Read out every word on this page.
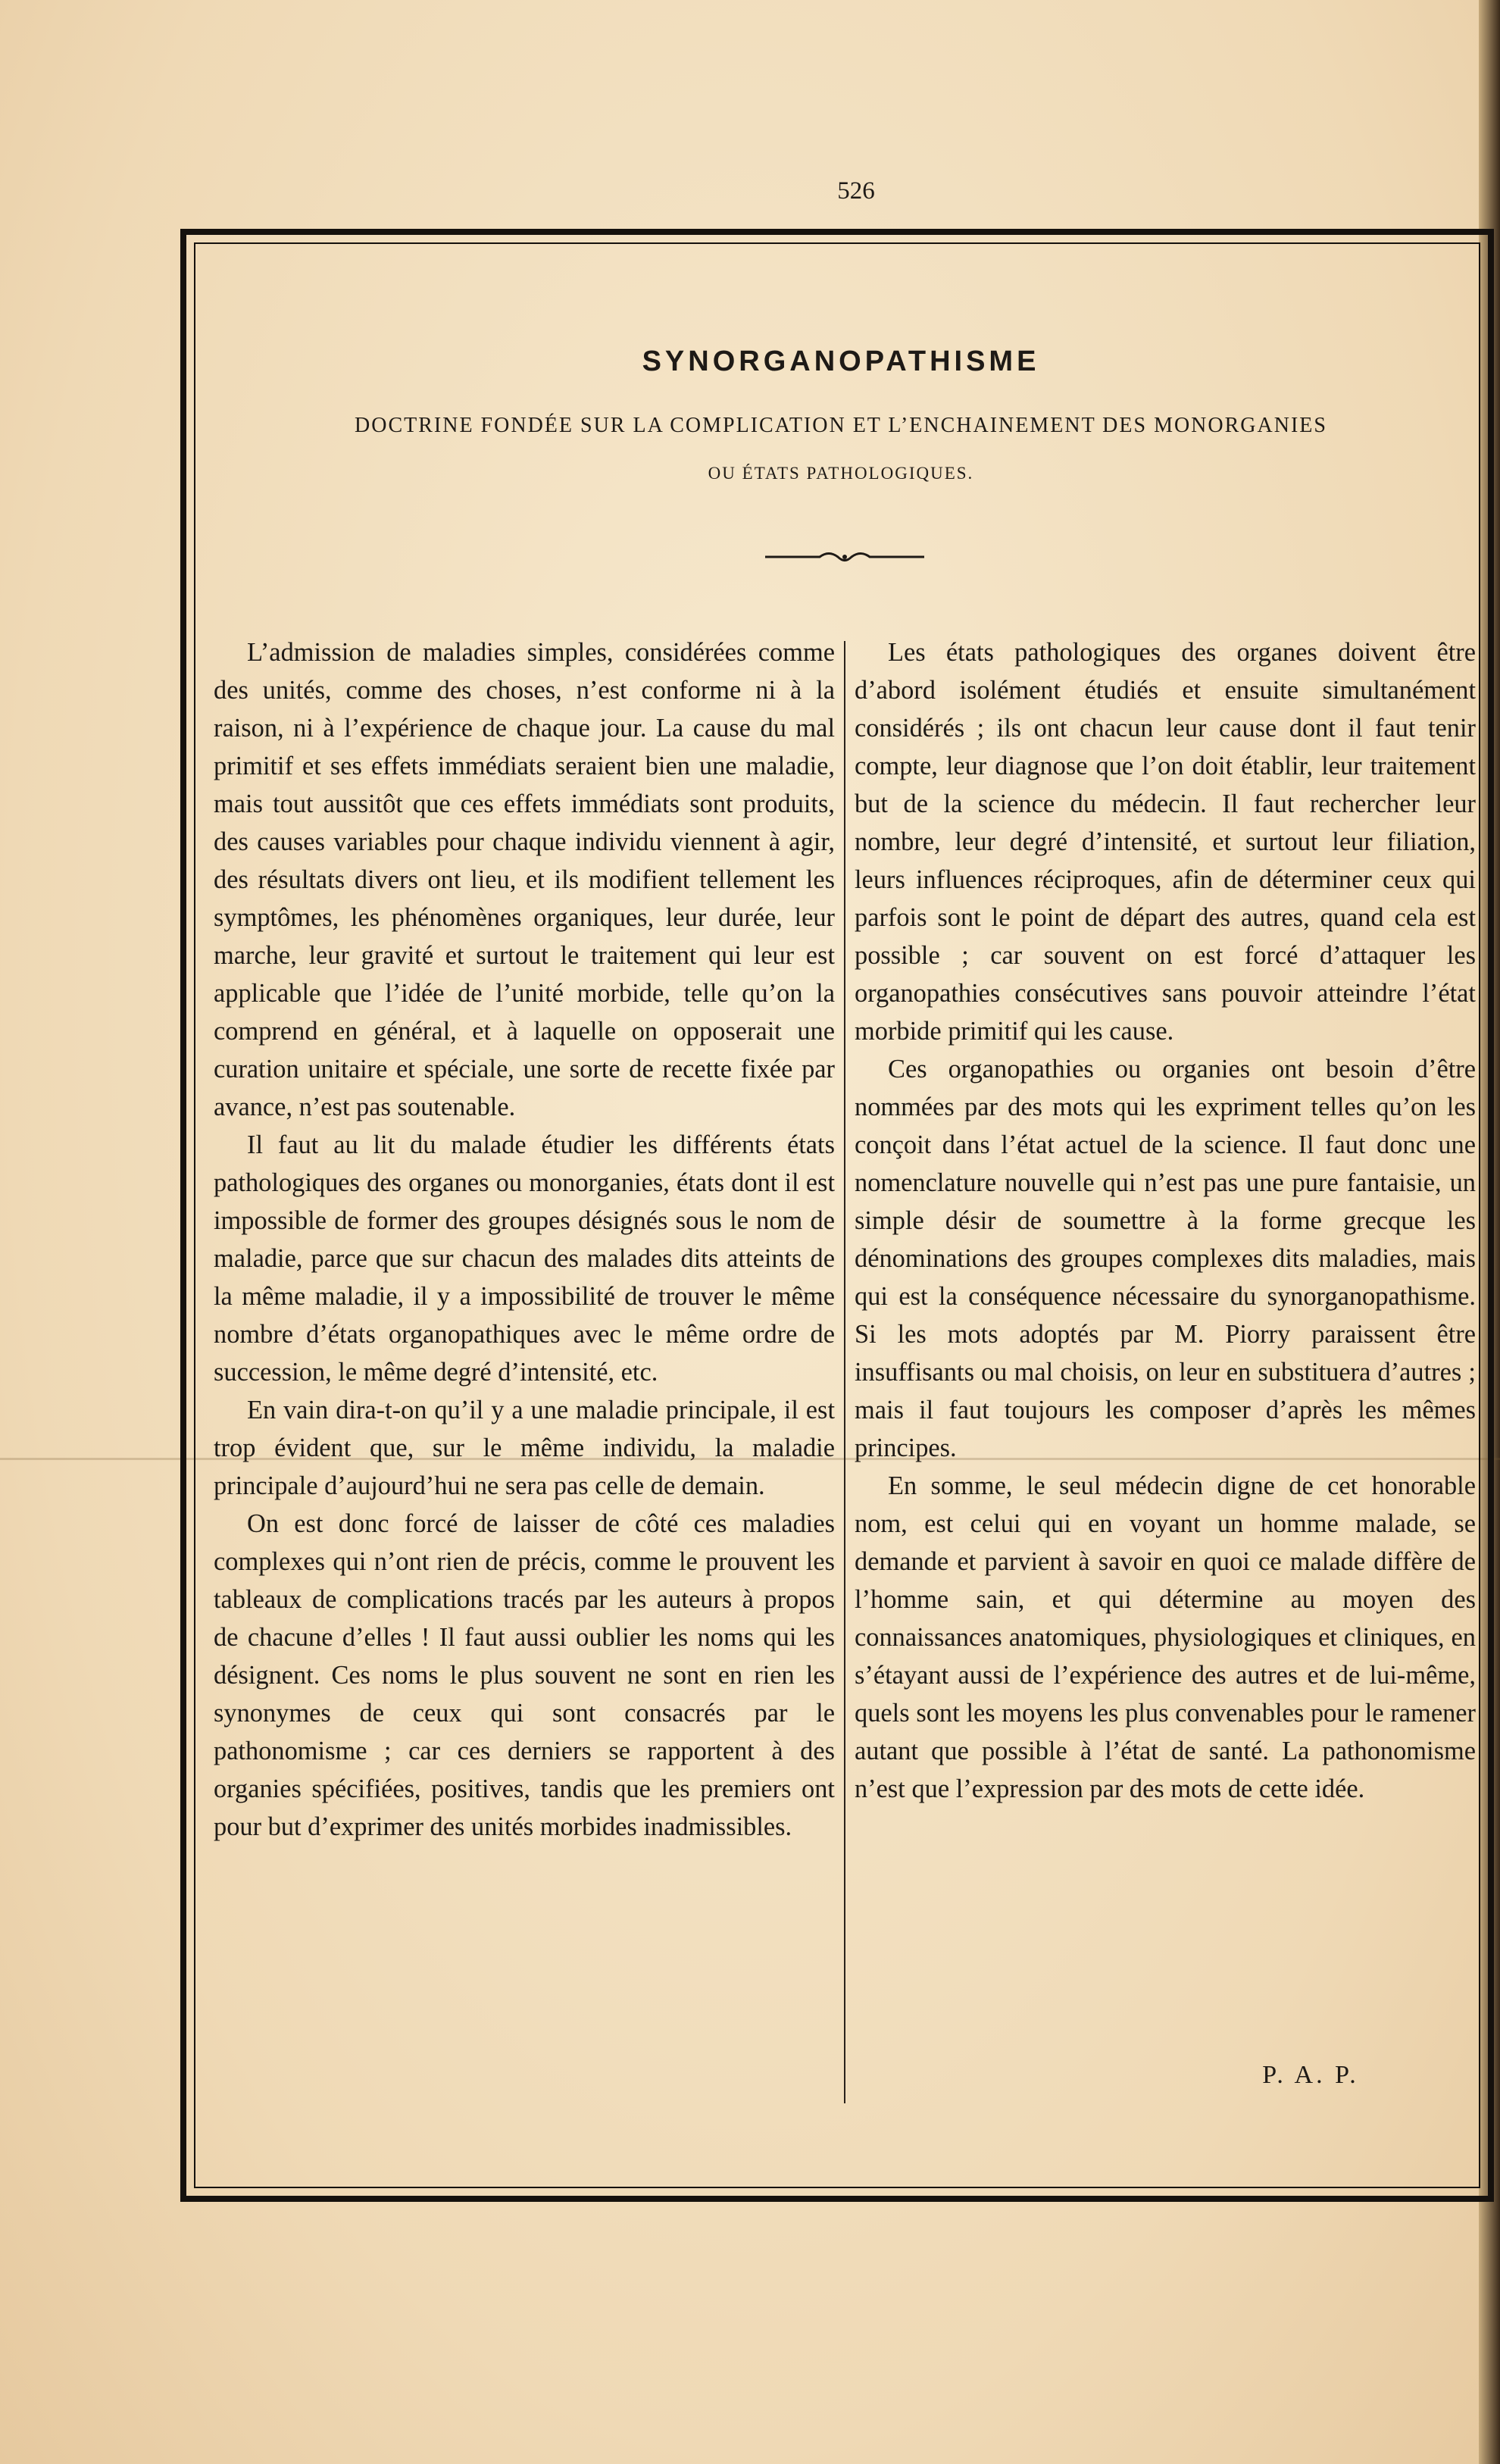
526
SYNORGANOPATHISME
DOCTRINE FONDÉE SUR LA COMPLICATION ET L’ENCHAINEMENT DES MONORGANIES
OU ÉTATS PATHOLOGIQUES.

L’admission de maladies simples, considérées comme des unités, comme des choses, n’est conforme ni à la raison, ni à l’expérience de chaque jour. La cause du mal primitif et ses effets immédiats seraient bien une maladie, mais tout aussitôt que ces effets immédiats sont produits, des causes variables pour chaque individu viennent à agir, des résultats divers ont lieu, et ils modifient tellement les symptômes, les phénomènes organiques, leur durée, leur marche, leur gravité et surtout le traitement qui leur est applicable que l’idée de l’unité morbide, telle qu’on la comprend en général, et à laquelle on opposerait une curation unitaire et spéciale, une sorte de recette fixée par avance, n’est pas soutenable.

Il faut au lit du malade étudier les différents états pathologiques des organes ou monorganies, états dont il est impossible de former des groupes désignés sous le nom de maladie, parce que sur chacun des malades dits atteints de la même maladie, il y a impossibilité de trouver le même nombre d’états organopathiques avec le même ordre de succession, le même degré d’intensité, etc.

En vain dira-t-on qu’il y a une maladie principale, il est trop évident que, sur le même individu, la maladie principale d’aujourd’hui ne sera pas celle de demain.

On est donc forcé de laisser de côté ces maladies complexes qui n’ont rien de précis, comme le prouvent les tableaux de complications tracés par les auteurs à propos de chacune d’elles ! Il faut aussi oublier les noms qui les désignent. Ces noms le plus souvent ne sont en rien les synonymes de ceux qui sont consacrés par le pathonomisme ; car ces derniers se rapportent à des organies spécifiées, positives, tandis que les premiers ont pour but d’exprimer des unités morbides inadmissibles.

Les états pathologiques des organes doivent être d’abord isolément étudiés et ensuite simultanément considérés ; ils ont chacun leur cause dont il faut tenir compte, leur diagnose que l’on doit établir, leur traitement but de la science du médecin. Il faut rechercher leur nombre, leur degré d’intensité, et surtout leur filiation, leurs influences réciproques, afin de déterminer ceux qui parfois sont le point de départ des autres, quand cela est possible ; car souvent on est forcé d’attaquer les organopathies consécutives sans pouvoir atteindre l’état morbide primitif qui les cause.

Ces organopathies ou organies ont besoin d’être nommées par des mots qui les expriment telles qu’on les conçoit dans l’état actuel de la science. Il faut donc une nomenclature nouvelle qui n’est pas une pure fantaisie, un simple désir de soumettre à la forme grecque les dénominations des groupes complexes dits maladies, mais qui est la conséquence nécessaire du synorganopathisme. Si les mots adoptés par M. Piorry paraissent être insuffisants ou mal choisis, on leur en substituera d’autres ; mais il faut toujours les composer d’après les mêmes principes.

En somme, le seul médecin digne de cet honorable nom, est celui qui en voyant un homme malade, se demande et parvient à savoir en quoi ce malade diffère de l’homme sain, et qui détermine au moyen des connaissances anatomiques, physiologiques et cliniques, en s’étayant aussi de l’expérience des autres et de lui-même, quels sont les moyens les plus convenables pour le ramener autant que possible à l’état de santé. La pathonomisme n’est que l’expression par des mots de cette idée.

P. A. P.
